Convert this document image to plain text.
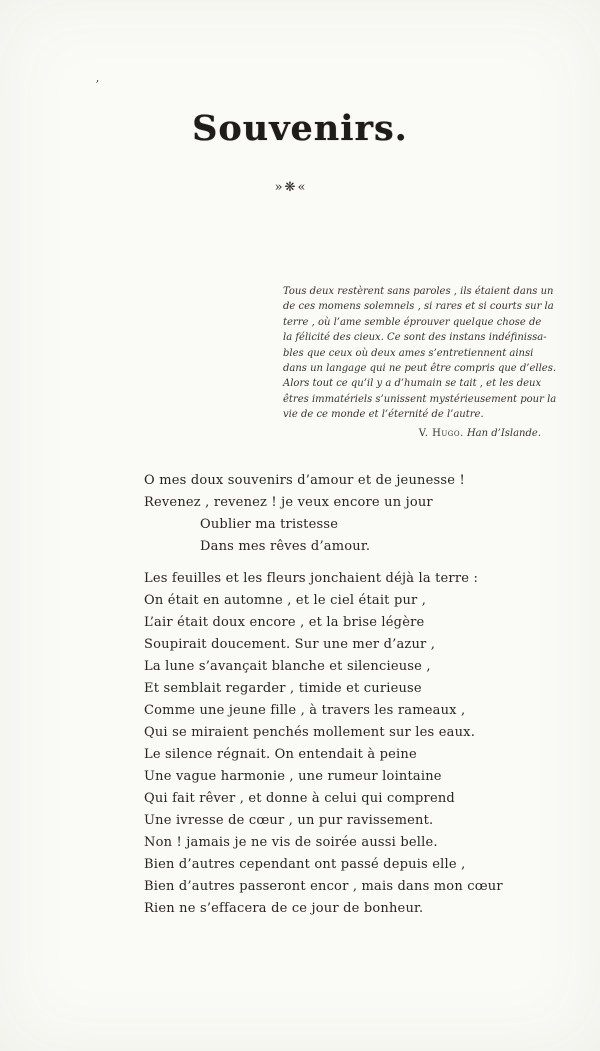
ʼ
Souvenirs.
»❋«
Tous deux restèrent sans paroles , ils étaient dans un
de ces momens solemnels , si rares et si courts sur la
terre , où l’ame semble éprouver quelque chose de
la félicité des cieux. Ce sont des instans indéfinissa-
bles que ceux où deux ames s’entretiennent ainsi
dans un langage qui ne peut être compris que d’elles.
Alors tout ce qu’il y a d’humain se tait , et les deux
êtres immatériels s’unissent mystérieusement pour la
vie de ce monde et l’éternité de l’autre.
V. Hugo. Han d’Islande.
O mes doux souvenirs d’amour et de jeunesse !
Revenez , revenez ! je veux encore un jour
Oublier ma tristesse
Dans mes rêves d’amour.
Les feuilles et les fleurs jonchaient déjà la terre :
On était en automne , et le ciel était pur ,
L’air était doux encore , et la brise légère
Soupirait doucement. Sur une mer d’azur ,
La lune s’avançait blanche et silencieuse ,
Et semblait regarder , timide et curieuse
Comme une jeune fille , à travers les rameaux ,
Qui se miraient penchés mollement sur les eaux.
Le silence régnait. On entendait à peine
Une vague harmonie , une rumeur lointaine
Qui fait rêver , et donne à celui qui comprend
Une ivresse de cœur , un pur ravissement.
Non ! jamais je ne vis de soirée aussi belle.
Bien d’autres cependant ont passé depuis elle ,
Bien d’autres passeront encor , mais dans mon cœur
Rien ne s’effacera de ce jour de bonheur.
